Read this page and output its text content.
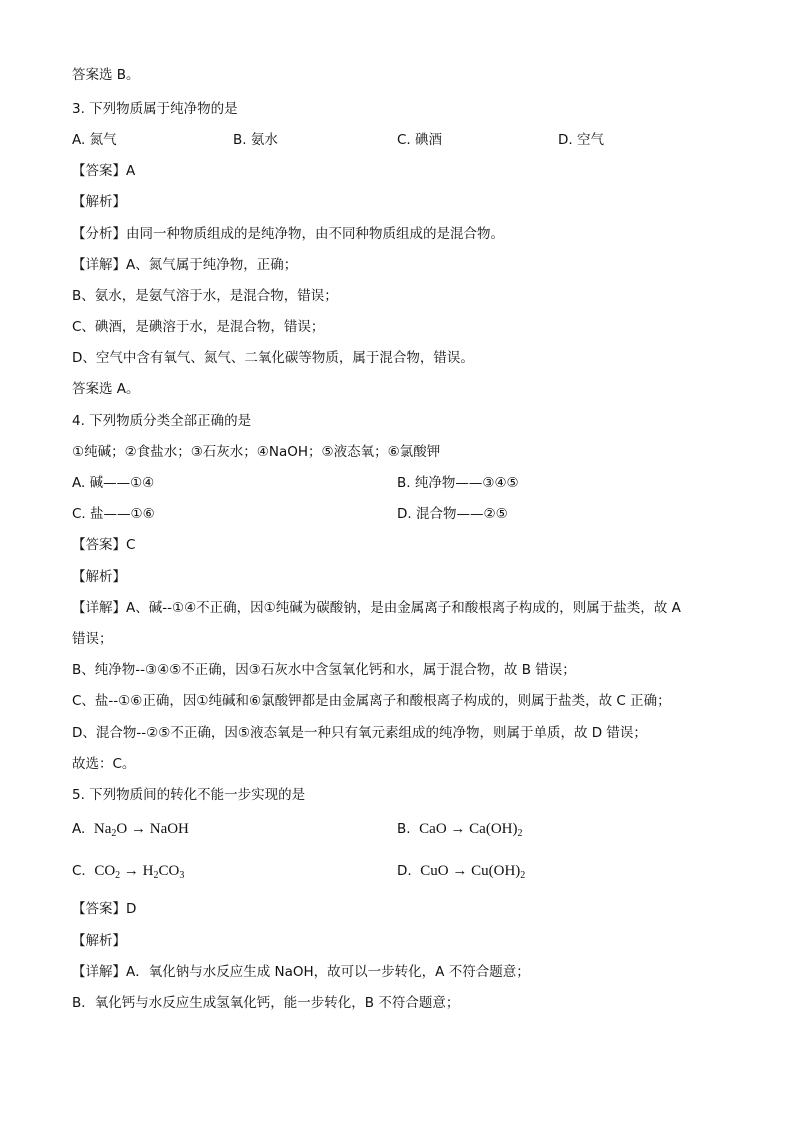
答案选 B。
3. 下列物质属于纯净物的是
A. 氮气	B. 氨水	C. 碘酒	D. 空气
【答案】A
【解析】
【分析】由同一种物质组成的是纯净物，由不同种物质组成的是混合物。
【详解】A、氮气属于纯净物，正确；
B、氨水，是氨气溶于水，是混合物，错误；
C、碘酒，是碘溶于水，是混合物，错误；
D、空气中含有氧气、氮气、二氧化碳等物质，属于混合物，错误。
答案选 A。
4. 下列物质分类全部正确的是
①纯碱；②食盐水；③石灰水；④NaOH；⑤液态氧；⑥氯酸钾
A. 碱——①④	B. 纯净物——③④⑤
C. 盐——①⑥	D. 混合物——②⑤
【答案】C
【解析】
【详解】A、碱--①④不正确，因①纯碱为碳酸钠，是由金属离子和酸根离子构成的，则属于盐类，故 A
错误；
B、纯净物--③④⑤不正确，因③石灰水中含氢氧化钙和水，属于混合物，故 B 错误；
C、盐--①⑥正确，因①纯碱和⑥氯酸钾都是由金属离子和酸根离子构成的，则属于盐类，故 C 正确；
D、混合物--②⑤不正确，因⑤液态氧是一种只有氧元素组成的纯净物，则属于单质，故 D 错误；
故选：C。
5. 下列物质间的转化不能一步实现的是
A. $Na_2O$ → NaOH	B. CaO → $Ca(OH)_2$
C. $CO_2 \to H_2CO_3$	D. CuO → $Cu(OH)_2$
【答案】D
【解析】
【详解】A．氧化钠与水反应生成 NaOH，故可以一步转化，A 不符合题意；
B．氧化钙与水反应生成氢氧化钙，能一步转化，B 不符合题意；
